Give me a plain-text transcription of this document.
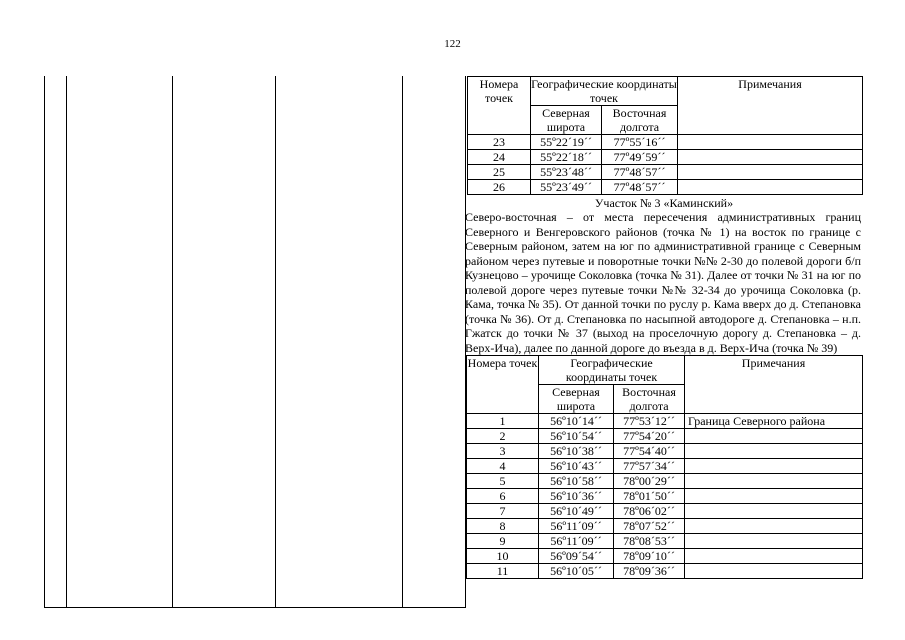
122
Номера точек	Географические координаты точек		Примечания
	Северная широта	Восточная долгота	
23	55º22´19´´	77º55´16´´	
24	55º22´18´´	77º49´59´´	
25	55º23´48´´	77º48´57´´	
26	55º23´49´´	77º48´57´´	
Участок № 3 «Каминский»

Северо-восточная – от места пересечения административных границ Северного и Венгеровского районов (точка № 1) на восток по границе с Северным районом, затем на юг по административной границе с Северным районом через путевые и поворотные точки №№ 2-30 до полевой дороги б/п Кузнецово – урочище Соколовка (точка № 31). Далее от точки № 31 на юг по полевой дороге через путевые точки №№ 32-34 до урочища Соколовка (р. Кама, точка № 35). От данной точки по руслу р. Кама вверх до д. Степановка (точка № 36). От д. Степановка по насыпной автодороге д. Степановка – н.п. Гжатск до точки № 37 (выход на проселочную дорогу д. Степановка – д. Верх-Ича), далее по данной дороге до въезда в д. Верх-Ича (точка № 39)

Номера точек	Географические координаты точек		Примечания
	Северная широта	Восточная долгота	
1	56º10´14´´	77º53´12´´	Граница Северного района
2	56º10´54´´	77º54´20´´	
3	56º10´38´´	77º54´40´´	
4	56º10´43´´	77º57´34´´	
5	56º10´58´´	78º00´29´´	
6	56º10´36´´	78º01´50´´	
7	56º10´49´´	78º06´02´´	
8	56º11´09´´	78º07´52´´	
9	56º11´09´´	78º08´53´´	
10	56º09´54´´	78º09´10´´	
11	56º10´05´´	78º09´36´´	
